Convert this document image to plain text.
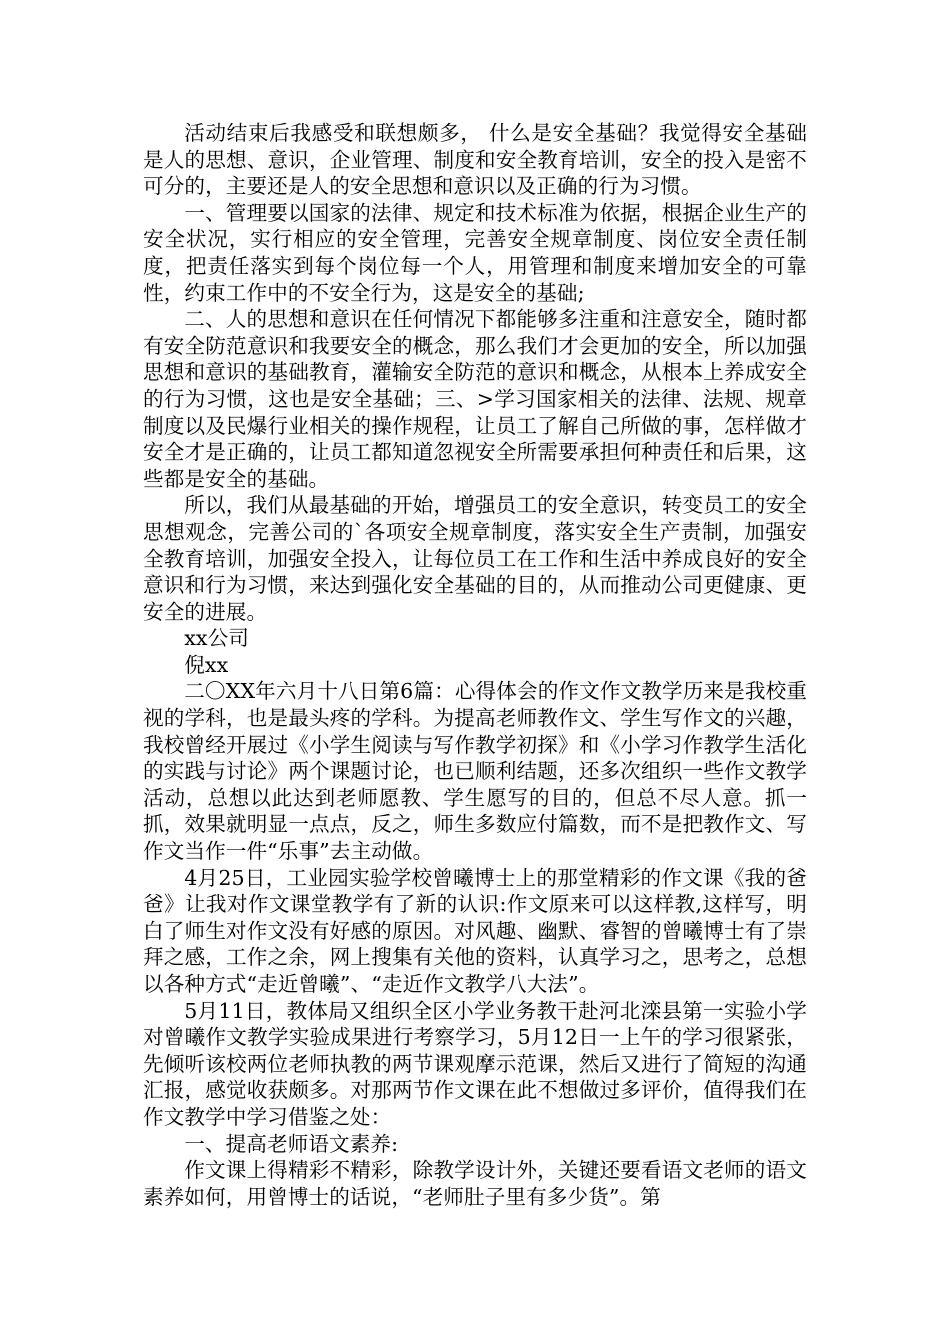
活动结束后我感受和联想颇多， 什么是安全基础？我觉得安全基础是人的思想、意识，企业管理、制度和安全教育培训，安全的投入是密不可分的，主要还是人的安全思想和意识以及正确的行为习惯。

一、管理要以国家的法律、规定和技术标准为依据，根据企业生产的安全状况，实行相应的安全管理，完善安全规章制度、岗位安全责任制度，把责任落实到每个岗位每一个人，用管理和制度来增加安全的可靠性，约束工作中的不安全行为，这是安全的基础;

二、人的思想和意识在任何情况下都能够多注重和注意安全，随时都有安全防范意识和我要安全的概念，那么我们才会更加的安全，所以加强思想和意识的基础教育，灌输安全防范的意识和概念，从根本上养成安全的行为习惯，这也是安全基础；三、>学习国家相关的法律、法规、规章制度以及民爆行业相关的操作规程，让员工了解自己所做的事，怎样做才安全才是正确的，让员工都知道忽视安全所需要承担何种责任和后果，这些都是安全的基础。

所以，我们从最基础的开始，增强员工的安全意识，转变员工的安全思想观念，完善公司的`各项安全规章制度，落实安全生产责制，加强安全教育培训，加强安全投入，让每位员工在工作和生活中养成良好的安全意识和行为习惯，来达到强化安全基础的目的，从而推动公司更健康、更安全的进展。

xx公司

倪xx

二〇XX年六月十八日第6篇：心得体会的作文作文教学历来是我校重视的学科，也是最头疼的学科。为提高老师教作文、学生写作文的兴趣，我校曾经开展过《小学生阅读与写作教学初探》和《小学习作教学生活化的实践与讨论》两个课题讨论，也已顺利结题，还多次组织一些作文教学活动，总想以此达到老师愿教、学生愿写的目的，但总不尽人意。抓一抓，效果就明显一点点，反之，师生多数应付篇数，而不是把教作文、写作文当作一件“乐事”去主动做。

4月25日，工业园实验学校曾曦博士上的那堂精彩的作文课《我的爸爸》让我对作文课堂教学有了新的认识:作文原来可以这样教,这样写，明白了师生对作文没有好感的原因。对风趣、幽默、睿智的曾曦博士有了崇拜之感，工作之余，网上搜集有关他的资料，认真学习之，思考之，总想以各种方式“走近曾曦”、“走近作文教学八大法”。

5月11日，教体局又组织全区小学业务教干赴河北滦县第一实验小学对曾曦作文教学实验成果进行考察学习，5月12日一上午的学习很紧张，先倾听该校两位老师执教的两节课观摩示范课，然后又进行了简短的沟通汇报，感觉收获颇多。对那两节作文课在此不想做过多评价，值得我们在作文教学中学习借鉴之处：

一、提高老师语文素养:

作文课上得精彩不精彩，除教学设计外，关键还要看语文老师的语文素养如何，用曾博士的话说，“老师肚子里有多少货”。第
